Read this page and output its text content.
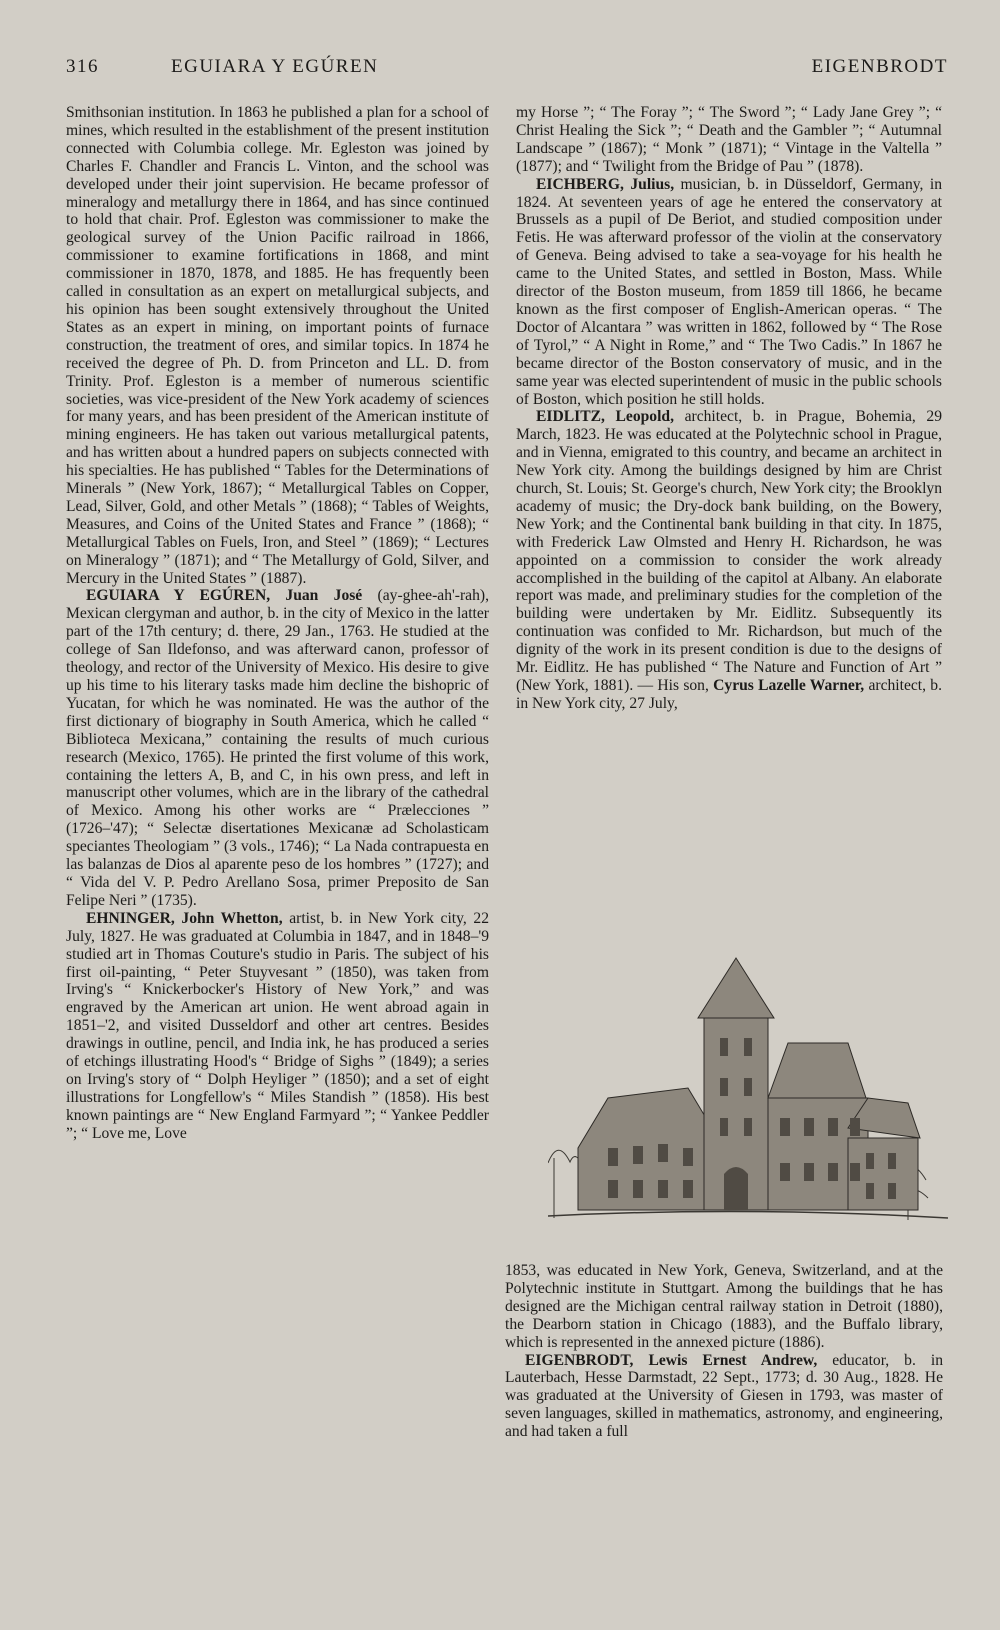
316	EGUIARA Y EGÚREN	EIGENBRODT

Smithsonian institution. In 1863 he published a plan for a school of mines, which resulted in the establishment of the present institution connected with Columbia college. Mr. Egleston was joined by Charles F. Chandler and Francis L. Vinton, and the school was developed under their joint supervision. He became professor of mineralogy and metallurgy there in 1864, and has since continued to hold that chair. Prof. Egleston was commissioner to make the geological survey of the Union Pacific railroad in 1866, commissioner to examine fortifications in 1868, and mint commissioner in 1870, 1878, and 1885. He has frequently been called in consultation as an expert on metallurgical subjects, and his opinion has been sought extensively throughout the United States as an expert in mining, on important points of furnace construction, the treatment of ores, and similar topics. In 1874 he received the degree of Ph. D. from Princeton and LL. D. from Trinity. Prof. Egleston is a member of numerous scientific societies, was vice-president of the New York academy of sciences for many years, and has been president of the American institute of mining engineers. He has taken out various metallurgical patents, and has written about a hundred papers on subjects connected with his specialties. He has published “ Tables for the Determinations of Minerals ” (New York, 1867); “ Metallurgical Tables on Copper, Lead, Silver, Gold, and other Metals ” (1868); “ Tables of Weights, Measures, and Coins of the United States and France ” (1868); “ Metallurgical Tables on Fuels, Iron, and Steel ” (1869); “ Lectures on Mineralogy ” (1871); and “ The Metallurgy of Gold, Silver, and Mercury in the United States ” (1887).

EGUIARA Y EGÚREN, Juan José (ay-ghee-ah'-rah), Mexican clergyman and author, b. in the city of Mexico in the latter part of the 17th century; d. there, 29 Jan., 1763. He studied at the college of San Ildefonso, and was afterward canon, professor of theology, and rector of the University of Mexico. His desire to give up his time to his literary tasks made him decline the bishopric of Yucatan, for which he was nominated. He was the author of the first dictionary of biography in South America, which he called “ Biblioteca Mexicana,” containing the results of much curious research (Mexico, 1765). He printed the first volume of this work, containing the letters A, B, and C, in his own press, and left in manuscript other volumes, which are in the library of the cathedral of Mexico. Among his other works are “ Prælecciones ” (1726–'47); “ Selectæ disertationes Mexicanæ ad Scholasticam speciantes Theologiam ” (3 vols., 1746); “ La Nada contrapuesta en las balanzas de Dios al aparente peso de los hombres ” (1727); and “ Vida del V. P. Pedro Arellano Sosa, primer Preposito de San Felipe Neri ” (1735).

EHNINGER, John Whetton, artist, b. in New York city, 22 July, 1827. He was graduated at Columbia in 1847, and in 1848–'9 studied art in Thomas Couture's studio in Paris. The subject of his first oil-painting, “ Peter Stuyvesant ” (1850), was taken from Irving's “ Knickerbocker's History of New York,” and was engraved by the American art union. He went abroad again in 1851–'2, and visited Dusseldorf and other art centres. Besides drawings in outline, pencil, and India ink, he has produced a series of etchings illustrating Hood's “ Bridge of Sighs ” (1849); a series on Irving's story of “ Dolph Heyliger ” (1850); and a set of eight illustrations for Longfellow's “ Miles Standish ” (1858). His best known paintings are “ New England Farmyard ”; “ Yankee Peddler ”; “ Love me, Love

my Horse ”; “ The Foray ”; “ The Sword ”; “ Lady Jane Grey ”; “ Christ Healing the Sick ”; “ Death and the Gambler ”; “ Autumnal Landscape ” (1867); “ Monk ” (1871); “ Vintage in the Valtella ” (1877); and “ Twilight from the Bridge of Pau ” (1878).

EICHBERG, Julius, musician, b. in Düsseldorf, Germany, in 1824. At seventeen years of age he entered the conservatory at Brussels as a pupil of De Beriot, and studied composition under Fetis. He was afterward professor of the violin at the conservatory of Geneva. Being advised to take a sea-voyage for his health he came to the United States, and settled in Boston, Mass. While director of the Boston museum, from 1859 till 1866, he became known as the first composer of English-American operas. “ The Doctor of Alcantara ” was written in 1862, followed by “ The Rose of Tyrol,” “ A Night in Rome,” and “ The Two Cadis.” In 1867 he became director of the Boston conservatory of music, and in the same year was elected superintendent of music in the public schools of Boston, which position he still holds.

EIDLITZ, Leopold, architect, b. in Prague, Bohemia, 29 March, 1823. He was educated at the Polytechnic school in Prague, and in Vienna, emigrated to this country, and became an architect in New York city. Among the buildings designed by him are Christ church, St. Louis; St. George's church, New York city; the Brooklyn academy of music; the Dry-dock bank building, on the Bowery, New York; and the Continental bank building in that city. In 1875, with Frederick Law Olmsted and Henry H. Richardson, he was appointed on a commission to consider the work already accomplished in the building of the capitol at Albany. An elaborate report was made, and preliminary studies for the completion of the building were undertaken by Mr. Eidlitz. Subsequently its continuation was confided to Mr. Richardson, but much of the dignity of the work in its present condition is due to the designs of Mr. Eidlitz. He has published “ The Nature and Function of Art ” (New York, 1881). — His son, Cyrus Lazelle Warner, architect, b. in New York city, 27 July,

1853, was educated in New York, Geneva, Switzerland, and at the Polytechnic institute in Stuttgart. Among the buildings that he has designed are the Michigan central railway station in Detroit (1880), the Dearborn station in Chicago (1883), and the Buffalo library, which is represented in the annexed picture (1886).

EIGENBRODT, Lewis Ernest Andrew, educator, b. in Lauterbach, Hesse Darmstadt, 22 Sept., 1773; d. 30 Aug., 1828. He was graduated at the University of Giesen in 1793, was master of seven languages, skilled in mathematics, astronomy, and engineering, and had taken a full
